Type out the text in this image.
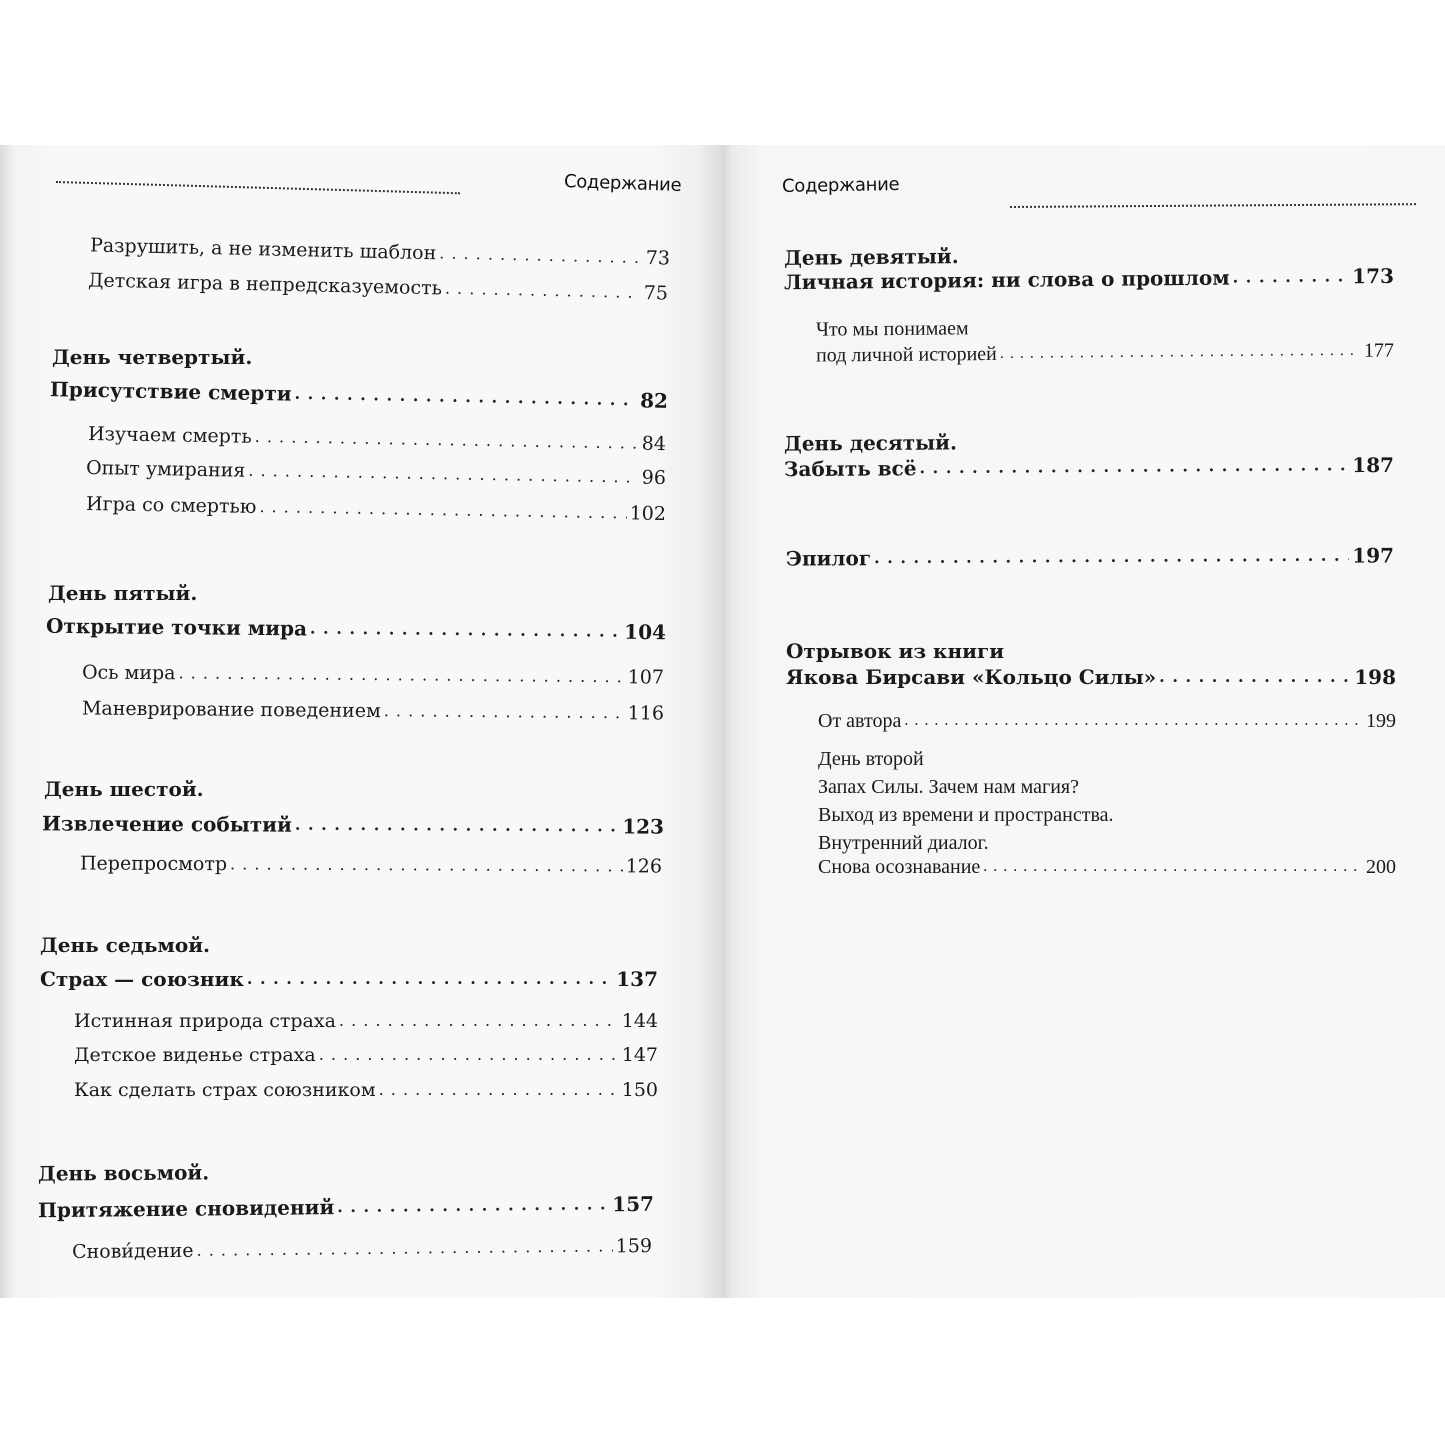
Содержание
Разрушить, а не изменить шаблон . . .	73
Детская игра в непредсказуемость . . .	75
День четвертый.
Присутствие смерти . . .	82
Изучаем смерть . . .	84
Опыт умирания . . .	96
Игра со смертью . . .	102
День пятый.
Открытие точки мира . . .	104
Ось мира . . .	107
Маневрирование поведением . . .	116
День шестой.
Извлечение событий . . .	123
Перепросмотр . . .	126
День седьмой.
Страх — союзник . . .	137
Истинная природа страха . . .	144
Детское виденье страха . . .	147
Как сделать страх союзником . . .	150
День восьмой.
Притяжение сновидений . . .	157
Снови́дение . . .	159
Содержание
День девятый.
Личная история: ни слова о прошлом . . .	173
Что мы понимаем
под личной историей . . .	177
День десятый.
Забыть всё . . .	187
Эпилог . . .	197
Отрывок из книги
Якова Бирсави «Кольцо Силы» . . .	198
От автора . . .	199
День второй
Запах Силы. Зачем нам магия?
Выход из времени и пространства.
Внутренний диалог.
Снова осознавание . . .	200
